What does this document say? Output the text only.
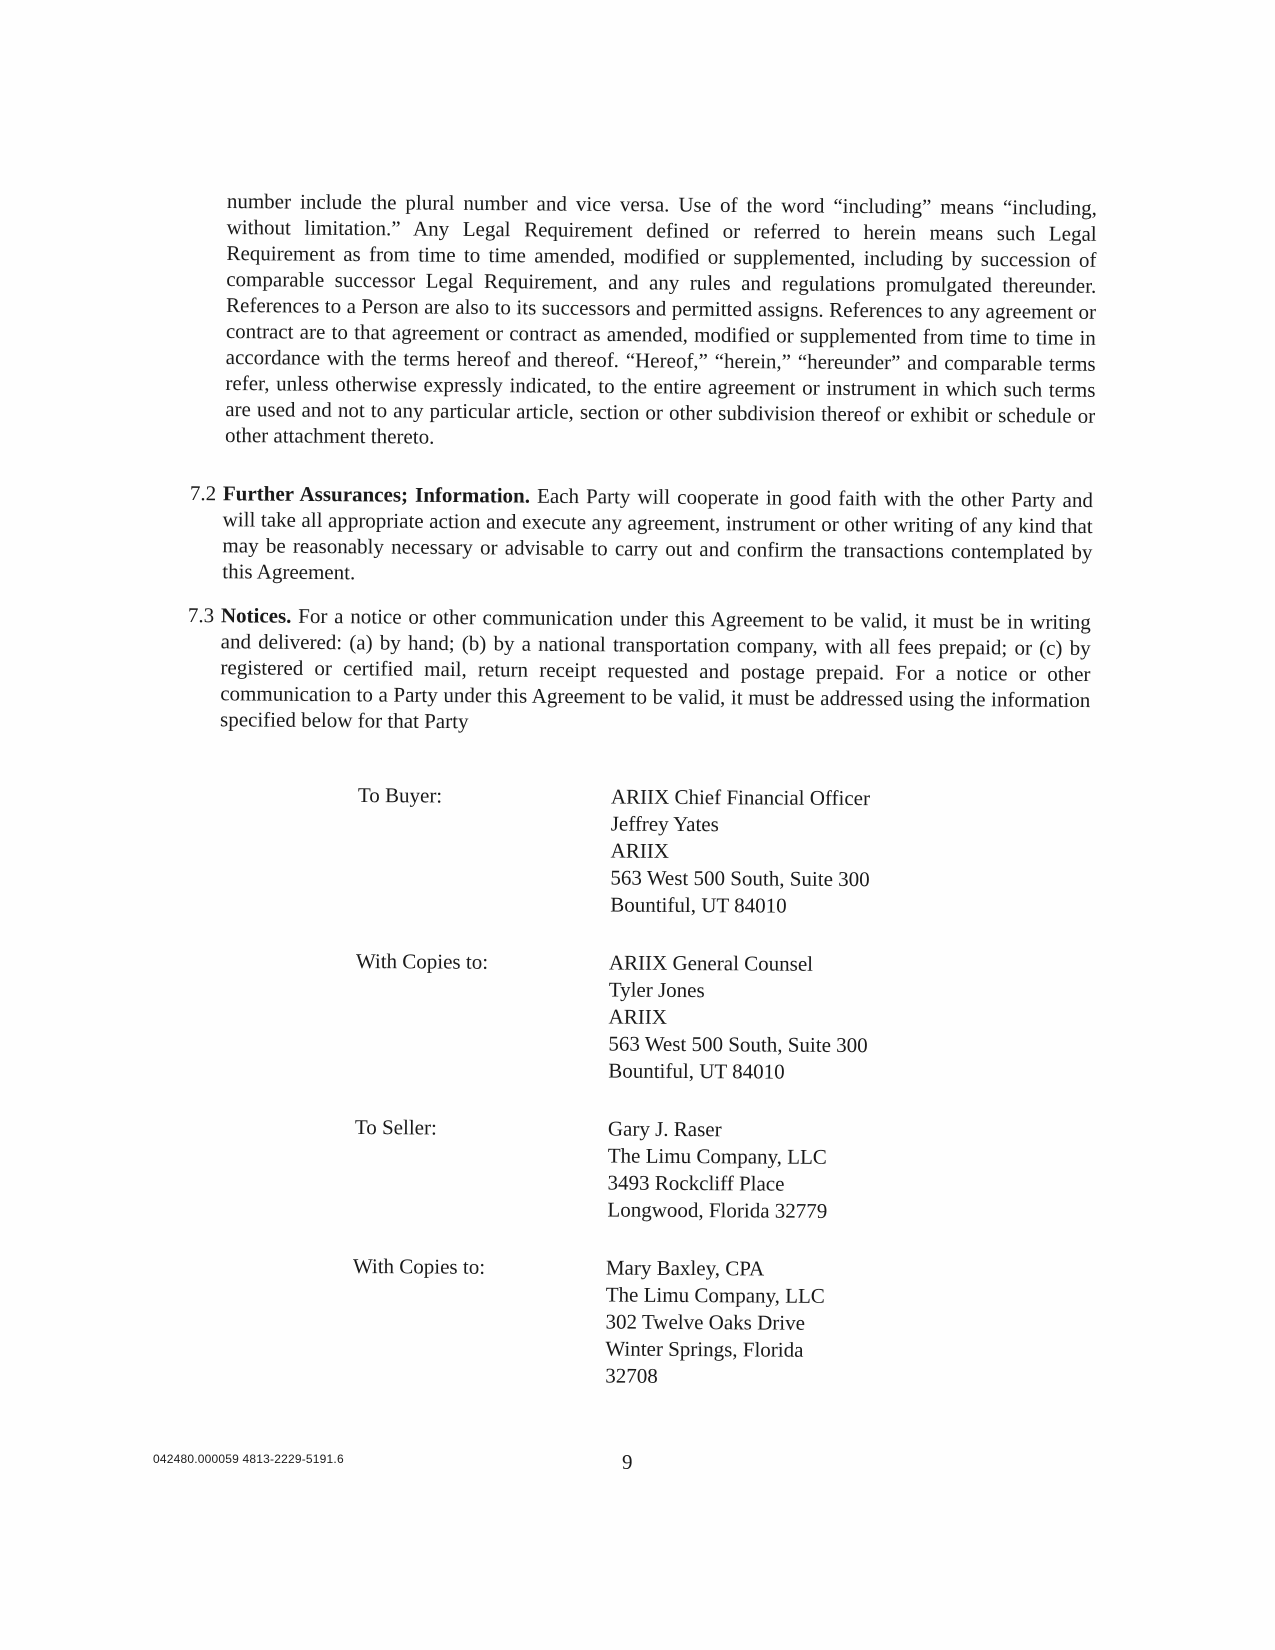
number include the plural number and vice versa. Use of the word “including” means “including, without limitation.” Any Legal Requirement defined or referred to herein means such Legal Requirement as from time to time amended, modified or supplemented, including by succession of comparable successor Legal Requirement, and any rules and regulations promulgated thereunder. References to a Person are also to its successors and permitted assigns. References to any agreement or contract are to that agreement or contract as amended, modified or supplemented from time to time in accordance with the terms hereof and thereof. “Hereof,” “herein,” “hereunder” and comparable terms refer, unless otherwise expressly indicated, to the entire agreement or instrument in which such terms are used and not to any particular article, section or other subdivision thereof or exhibit or schedule or other attachment thereto.
7.2 Further Assurances; Information. Each Party will cooperate in good faith with the other Party and will take all appropriate action and execute any agreement, instrument or other writing of any kind that may be reasonably necessary or advisable to carry out and confirm the transactions contemplated by this Agreement.
7.3 Notices. For a notice or other communication under this Agreement to be valid, it must be in writing and delivered: (a) by hand; (b) by a national transportation company, with all fees prepaid; or (c) by registered or certified mail, return receipt requested and postage prepaid. For a notice or other communication to a Party under this Agreement to be valid, it must be addressed using the information specified below for that Party
To Buyer:	ARIIX Chief Financial Officer
Jeffrey Yates
ARIIX
563 West 500 South, Suite 300
Bountiful, UT 84010
With Copies to:	ARIIX General Counsel
Tyler Jones
ARIIX
563 West 500 South, Suite 300
Bountiful, UT 84010
To Seller:	Gary J. Raser
The Limu Company, LLC
3493 Rockcliff Place
Longwood, Florida 32779
With Copies to:	Mary Baxley, CPA
The Limu Company, LLC
302 Twelve Oaks Drive
Winter Springs, Florida
32708
042480.000059 4813-2229-5191.6	9
